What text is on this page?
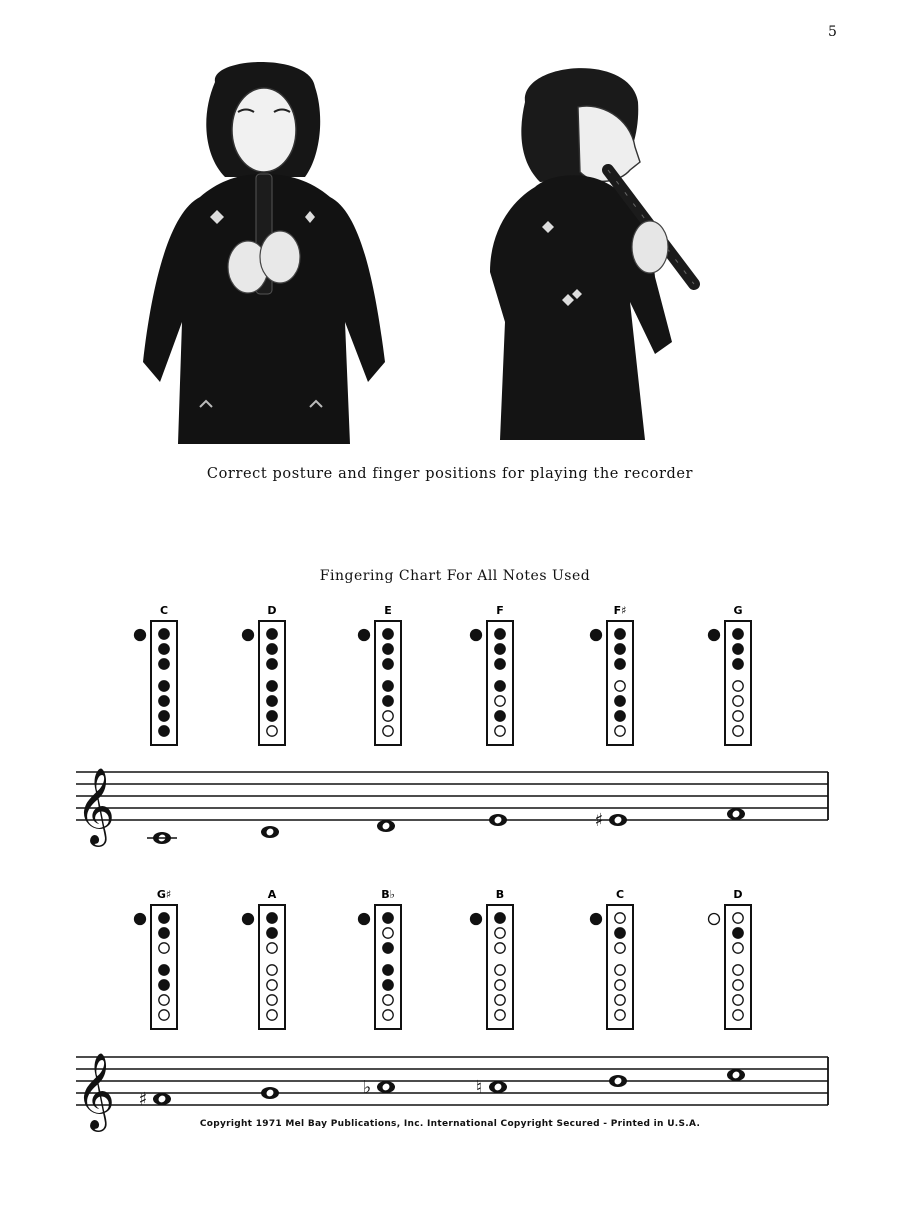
5
Correct posture and finger positions for playing the recorder
Fingering Chart For All Notes Used
𝄞
𝄞
C	D	E	F	F♯
♯
G
G♯
♯
A	B♭
♭
B
♮
C	D
Copyright 1971 Mel Bay Publications, Inc. International Copyright Secured - Printed in U.S.A.
